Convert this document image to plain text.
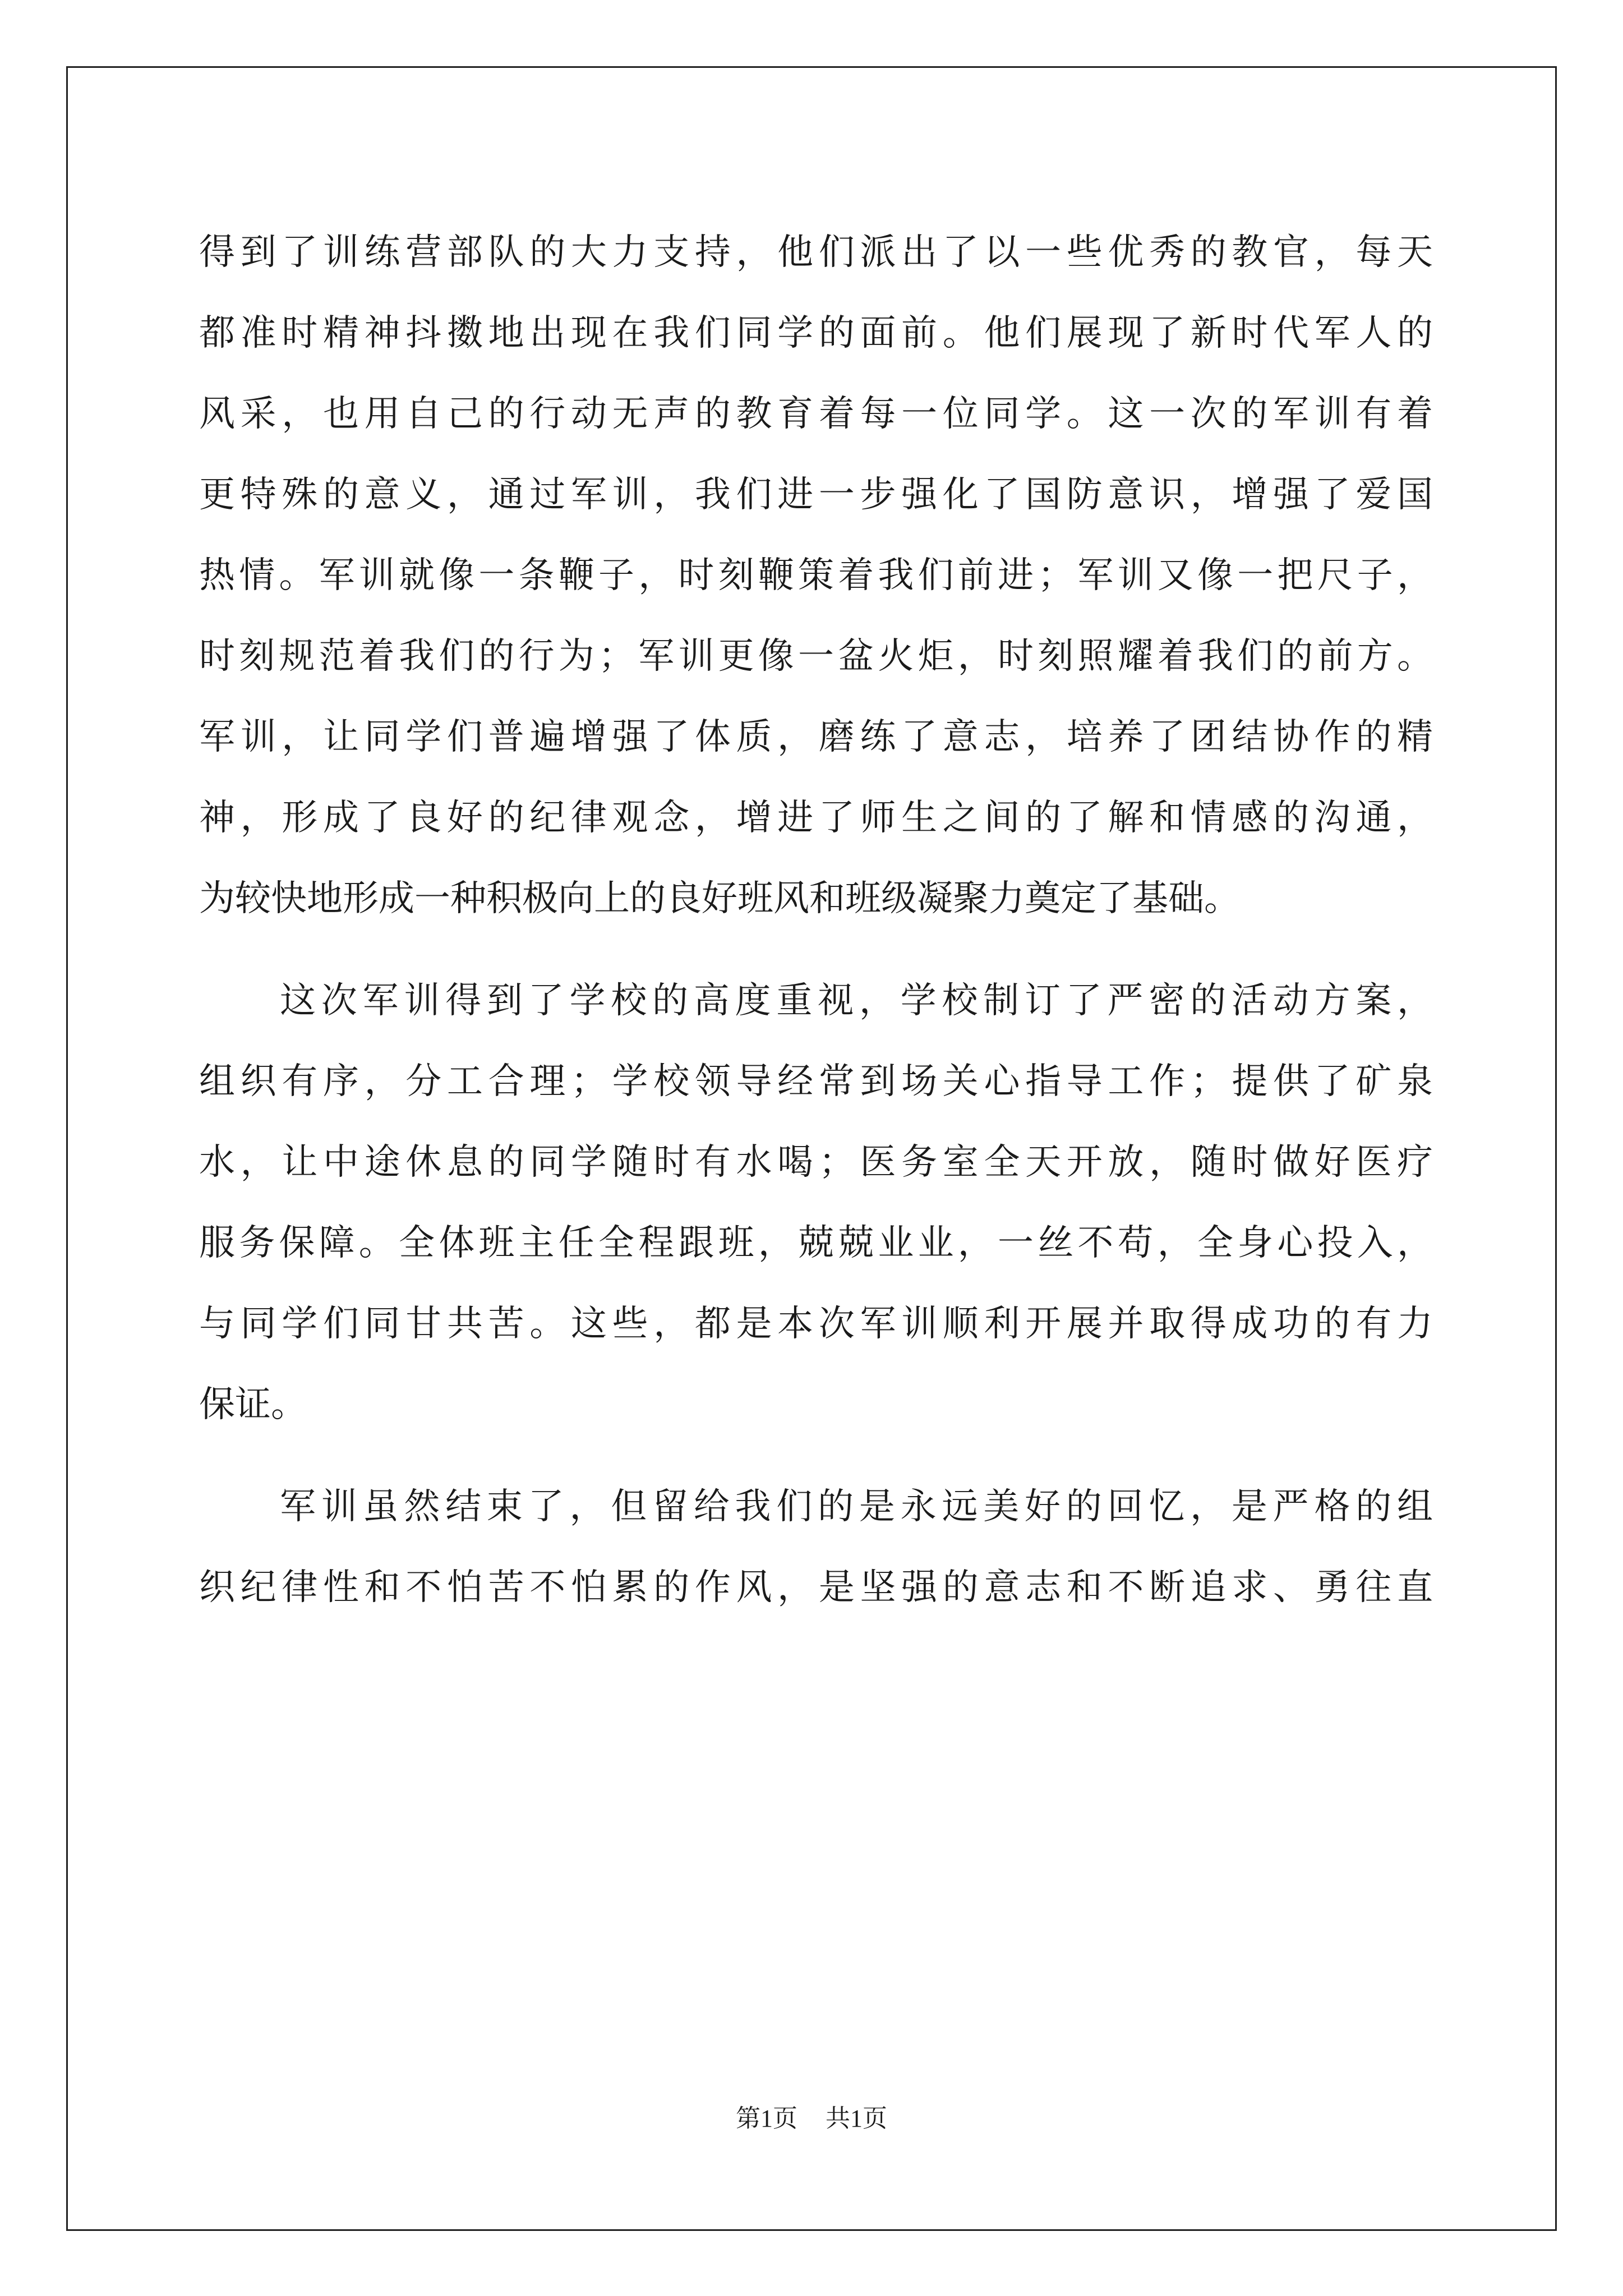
得到了训练营部队的大力支持，他们派出了以一些优秀的教官，每天
都准时精神抖擞地出现在我们同学的面前。他们展现了新时代军人的
风采，也用自己的行动无声的教育着每一位同学。这一次的军训有着
更特殊的意义，通过军训，我们进一步强化了国防意识，增强了爱国
热情。军训就像一条鞭子，时刻鞭策着我们前进；军训又像一把尺子，
时刻规范着我们的行为；军训更像一盆火炬，时刻照耀着我们的前方。
军训，让同学们普遍增强了体质，磨练了意志，培养了团结协作的精
神，形成了良好的纪律观念，增进了师生之间的了解和情感的沟通，
为较快地形成一种积极向上的良好班风和班级凝聚力奠定了基础。
这次军训得到了学校的高度重视，学校制订了严密的活动方案，
组织有序，分工合理；学校领导经常到场关心指导工作；提供了矿泉
水，让中途休息的同学随时有水喝；医务室全天开放，随时做好医疗
服务保障。全体班主任全程跟班，兢兢业业，一丝不苟，全身心投入，
与同学们同甘共苦。这些，都是本次军训顺利开展并取得成功的有力
保证。
军训虽然结束了，但留给我们的是永远美好的回忆，是严格的组
织纪律性和不怕苦不怕累的作风，是坚强的意志和不断追求、勇往直
第1页 共1页
